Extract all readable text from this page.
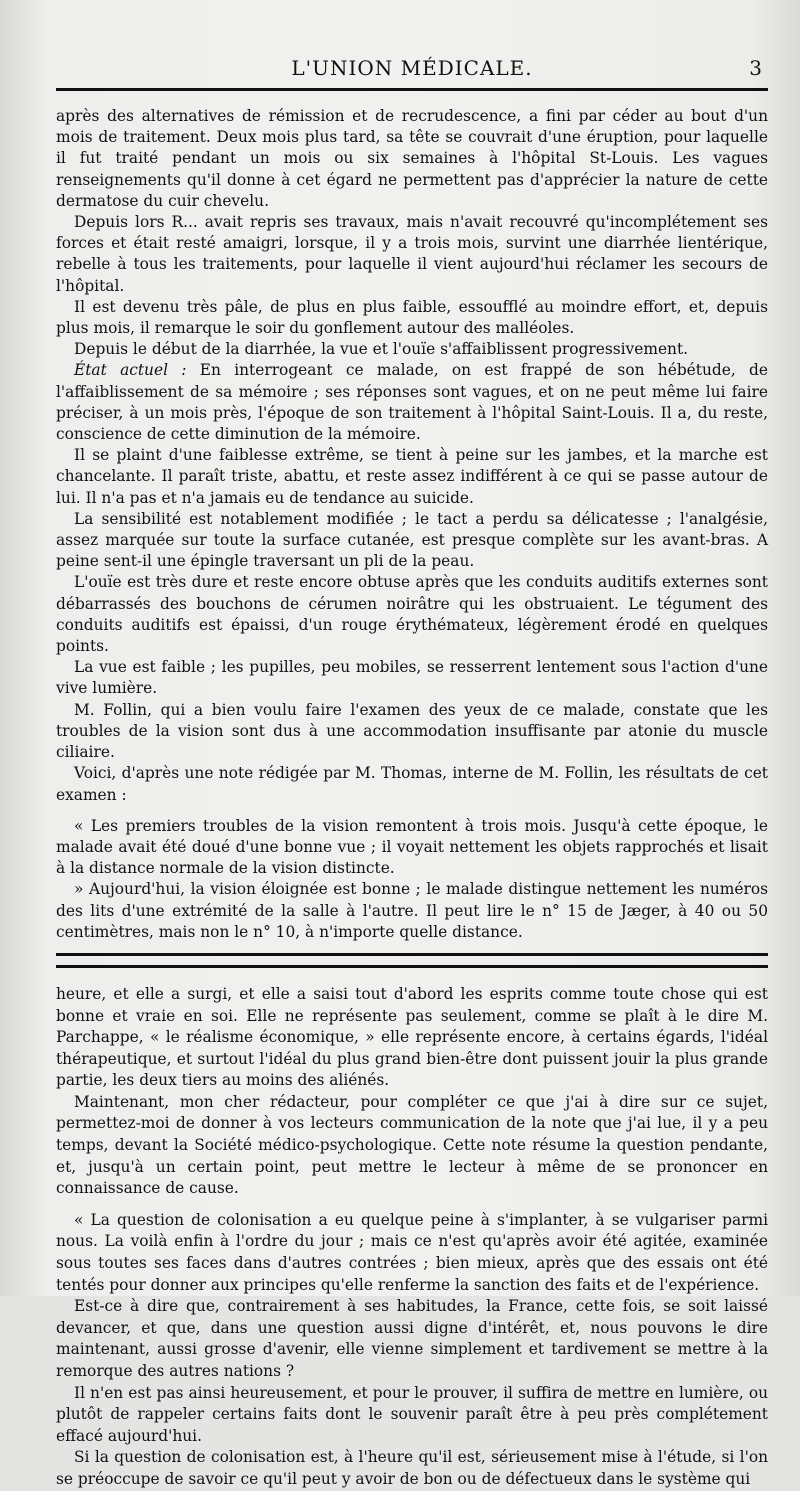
L'UNION MÉDICALE.	3

après des alternatives de rémission et de recrudescence, a fini par céder au bout d'un mois de traitement. Deux mois plus tard, sa tête se couvrait d'une éruption, pour laquelle il fut traité pendant un mois ou six semaines à l'hôpital St-Louis. Les vagues renseignements qu'il donne à cet égard ne permettent pas d'apprécier la nature de cette dermatose du cuir chevelu.

Depuis lors R... avait repris ses travaux, mais n'avait recouvré qu'incomplétement ses forces et était resté amaigri, lorsque, il y a trois mois, survint une diarrhée lientérique, rebelle à tous les traitements, pour laquelle il vient aujourd'hui réclamer les secours de l'hôpital.

Il est devenu très pâle, de plus en plus faible, essoufflé au moindre effort, et, depuis plus mois, il remarque le soir du gonflement autour des malléoles.

Depuis le début de la diarrhée, la vue et l'ouïe s'affaiblissent progressivement.

État actuel : En interrogeant ce malade, on est frappé de son hébétude, de l'affaiblissement de sa mémoire ; ses réponses sont vagues, et on ne peut même lui faire préciser, à un mois près, l'époque de son traitement à l'hôpital Saint-Louis. Il a, du reste, conscience de cette diminution de la mémoire.

Il se plaint d'une faiblesse extrême, se tient à peine sur les jambes, et la marche est chancelante. Il paraît triste, abattu, et reste assez indifférent à ce qui se passe autour de lui. Il n'a pas et n'a jamais eu de tendance au suicide.

La sensibilité est notablement modifiée ; le tact a perdu sa délicatesse ; l'analgésie, assez marquée sur toute la surface cutanée, est presque complète sur les avant-bras. A peine sent-il une épingle traversant un pli de la peau.

L'ouïe est très dure et reste encore obtuse après que les conduits auditifs externes sont débarrassés des bouchons de cérumen noirâtre qui les obstruaient. Le tégument des conduits auditifs est épaissi, d'un rouge érythémateux, légèrement érodé en quelques points.

La vue est faible ; les pupilles, peu mobiles, se resserrent lentement sous l'action d'une vive lumière.

M. Follin, qui a bien voulu faire l'examen des yeux de ce malade, constate que les troubles de la vision sont dus à une accommodation insuffisante par atonie du muscle ciliaire.

Voici, d'après une note rédigée par M. Thomas, interne de M. Follin, les résultats de cet examen :

« Les premiers troubles de la vision remontent à trois mois. Jusqu'à cette époque, le malade avait été doué d'une bonne vue ; il voyait nettement les objets rapprochés et lisait à la distance normale de la vision distincte.

» Aujourd'hui, la vision éloignée est bonne ; le malade distingue nettement les numéros des lits d'une extrémité de la salle à l'autre. Il peut lire le n° 15 de Jæger, à 40 ou 50 centimètres, mais non le n° 10, à n'importe quelle distance.

heure, et elle a surgi, et elle a saisi tout d'abord les esprits comme toute chose qui est bonne et vraie en soi. Elle ne représente pas seulement, comme se plaît à le dire M. Parchappe, « le réalisme économique, » elle représente encore, à certains égards, l'idéal thérapeutique, et surtout l'idéal du plus grand bien-être dont puissent jouir la plus grande partie, les deux tiers au moins des aliénés.

Maintenant, mon cher rédacteur, pour compléter ce que j'ai à dire sur ce sujet, permettez-moi de donner à vos lecteurs communication de la note que j'ai lue, il y a peu temps, devant la Société médico-psychologique. Cette note résume la question pendante, et, jusqu'à un certain point, peut mettre le lecteur à même de se prononcer en connaissance de cause.

« La question de colonisation a eu quelque peine à s'implanter, à se vulgariser parmi nous. La voilà enfin à l'ordre du jour ; mais ce n'est qu'après avoir été agitée, examinée sous toutes ses faces dans d'autres contrées ; bien mieux, après que des essais ont été tentés pour donner aux principes qu'elle renferme la sanction des faits et de l'expérience.

Est-ce à dire que, contrairement à ses habitudes, la France, cette fois, se soit laissé devancer, et que, dans une question aussi digne d'intérêt, et, nous pouvons le dire maintenant, aussi grosse d'avenir, elle vienne simplement et tardivement se mettre à la remorque des autres nations ?

Il n'en est pas ainsi heureusement, et pour le prouver, il suffira de mettre en lumière, ou plutôt de rappeler certains faits dont le souvenir paraît être à peu près complétement effacé aujourd'hui.

Si la question de colonisation est, à l'heure qu'il est, sérieusement mise à l'étude, si l'on se préoccupe de savoir ce qu'il peut y avoir de bon ou de défectueux dans le système qui
